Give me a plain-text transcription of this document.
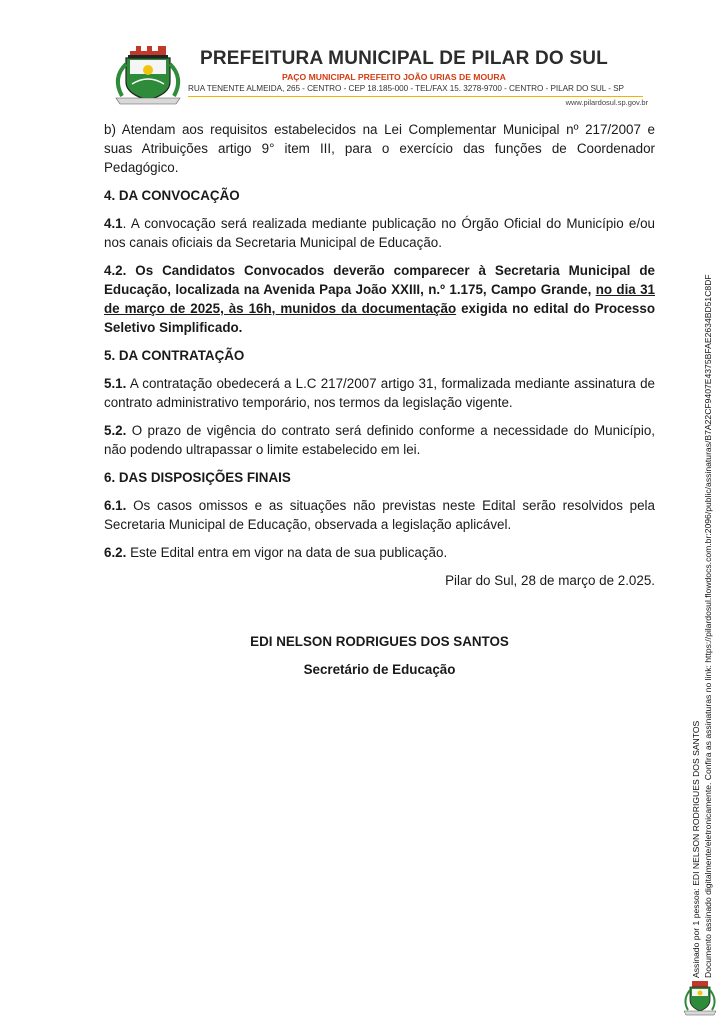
PREFEITURA MUNICIPAL DE PILAR DO SUL
PAÇO MUNICIPAL PREFEITO JOÃO URIAS DE MOURA
RUA TENENTE ALMEIDA, 265 - CENTRO - CEP 18.185-000 - TEL/FAX 15. 3278-9700 - CENTRO - PILAR DO SUL - SP
www.pilardosul.sp.gov.br

b) Atendam aos requisitos estabelecidos na Lei Complementar Municipal nº 217/2007 e suas Atribuições artigo 9° item III, para o exercício das funções de Coordenador Pedagógico.

4. DA CONVOCAÇÃO

4.1. A convocação será realizada mediante publicação no Órgão Oficial do Município e/ou nos canais oficiais da Secretaria Municipal de Educação.

4.2. Os Candidatos Convocados deverão comparecer à Secretaria Municipal de Educação, localizada na Avenida Papa João XXIII, n.º 1.175, Campo Grande, no dia 31 de março de 2025, às 16h, munidos da documentação exigida no edital do Processo Seletivo Simplificado.

5. DA CONTRATAÇÃO

5.1. A contratação obedecerá a L.C 217/2007 artigo 31, formalizada mediante assinatura de contrato administrativo temporário, nos termos da legislação vigente.

5.2. O prazo de vigência do contrato será definido conforme a necessidade do Município, não podendo ultrapassar o limite estabelecido em lei.

6. DAS DISPOSIÇÕES FINAIS

6.1. Os casos omissos e as situações não previstas neste Edital serão resolvidos pela Secretaria Municipal de Educação, observada a legislação aplicável.

6.2. Este Edital entra em vigor na data de sua publicação.

Pilar do Sul, 28 de março de 2.025.

EDI NELSON RODRIGUES DOS SANTOS

Secretário de Educação

Assinado por 1 pessoa: EDI NELSON RODRIGUES DOS SANTOS Documento assinado digitalmente/eletronicamente. Confira as assinaturas no link: https://pilardosul.flowdocs.com.br:2096/public/assinaturas/B7A22CF9407E4375BFAE2634BD51C8DF
